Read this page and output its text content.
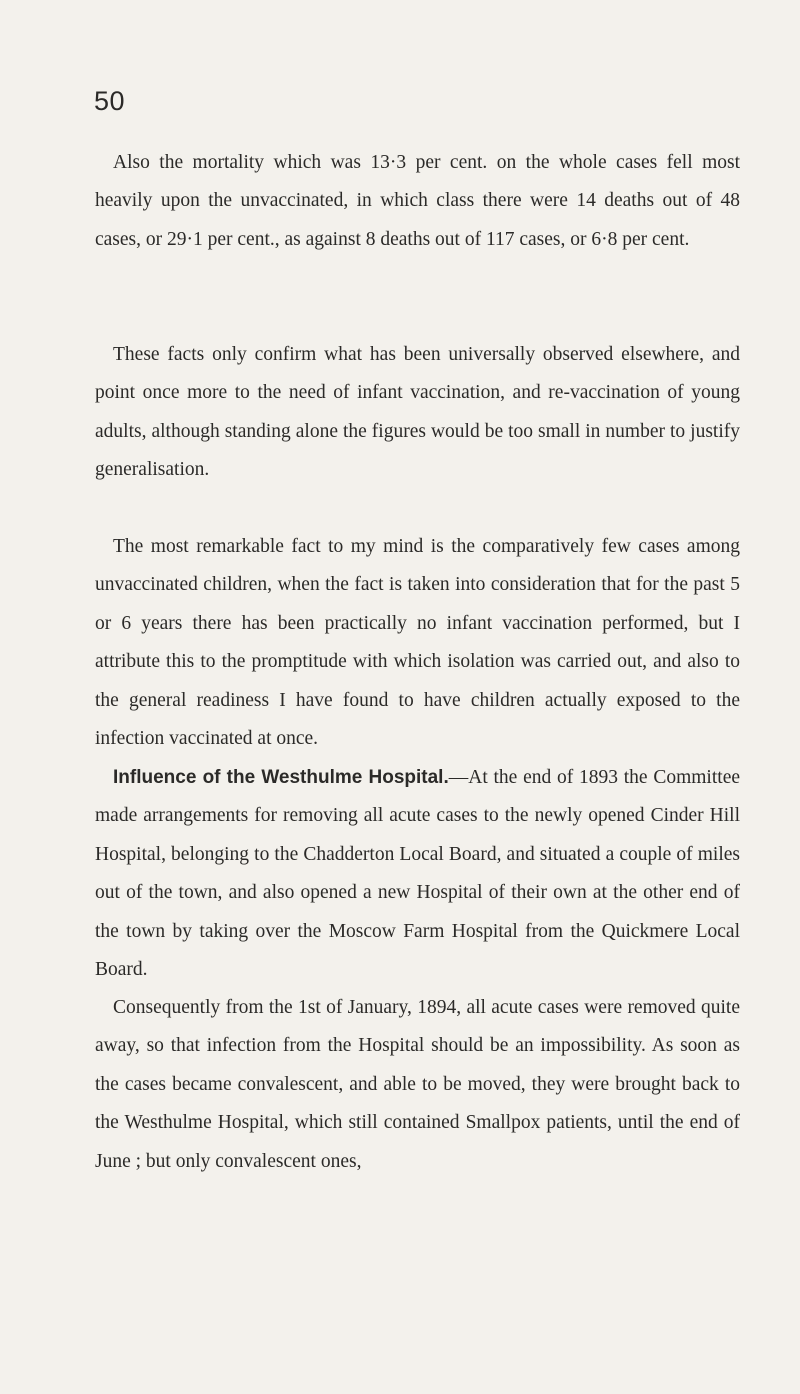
50

Also the mortality which was 13·3 per cent. on the whole cases fell most heavily upon the unvaccinated, in which class there were 14 deaths out of 48 cases, or 29·1 per cent., as against 8 deaths out of 117 cases, or 6·8 per cent.

These facts only confirm what has been universally observed elsewhere, and point once more to the need of infant vaccination, and re-vaccination of young adults, although standing alone the figures would be too small in number to justify generalisation.

The most remarkable fact to my mind is the comparatively few cases among unvaccinated children, when the fact is taken into consideration that for the past 5 or 6 years there has been practically no infant vaccination performed, but I attribute this to the promptitude with which isolation was carried out, and also to the general readiness I have found to have children actually exposed to the infection vaccinated at once.

Influence of the Westhulme Hospital.—At the end of 1893 the Committee made arrangements for removing all acute cases to the newly opened Cinder Hill Hospital, belonging to the Chadderton Local Board, and situated a couple of miles out of the town, and also opened a new Hospital of their own at the other end of the town by taking over the Moscow Farm Hospital from the Quickmere Local Board.

Consequently from the 1st of January, 1894, all acute cases were removed quite away, so that infection from the Hospital should be an impossibility. As soon as the cases became convalescent, and able to be moved, they were brought back to the Westhulme Hospital, which still contained Smallpox patients, until the end of June ; but only convalescent ones,
